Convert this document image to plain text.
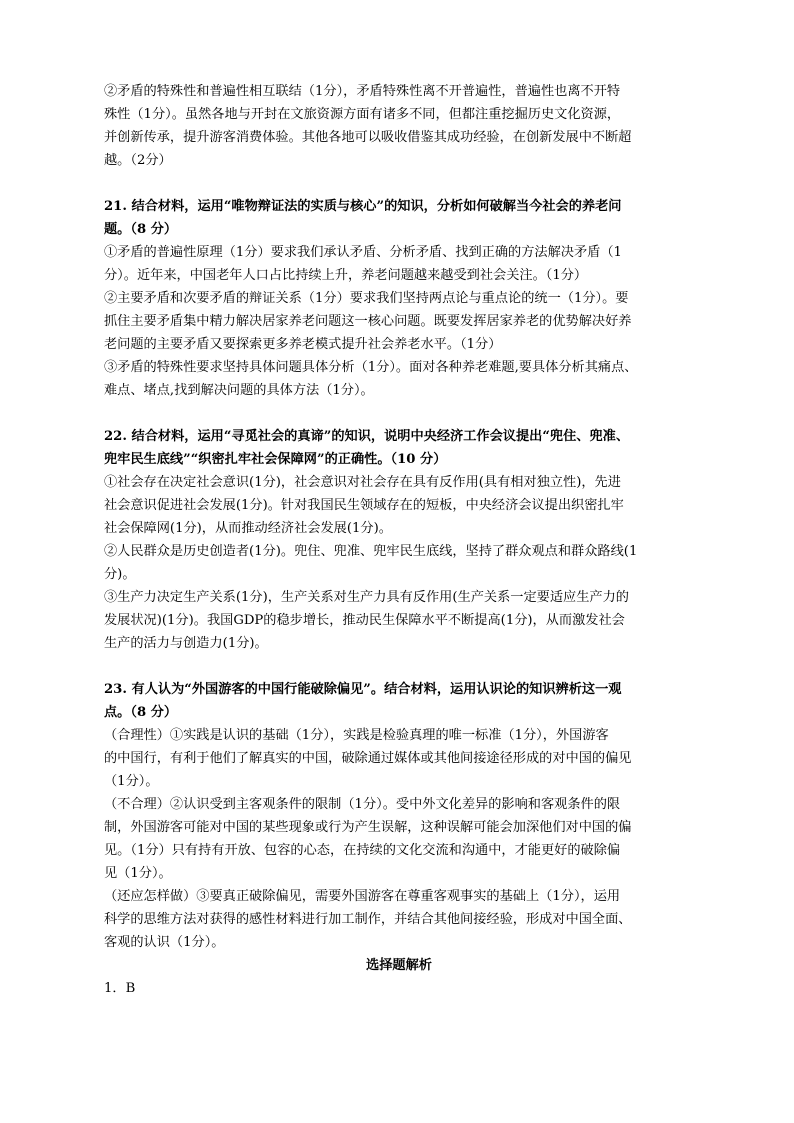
②矛盾的特殊性和普遍性相互联结（1分），矛盾特殊性离不开普遍性，普遍性也离不开特
殊性（1分）。虽然各地与开封在文旅资源方面有诸多不同，但都注重挖掘历史文化资源，
并创新传承，提升游客消费体验。其他各地可以吸收借鉴其成功经验，在创新发展中不断超
越。（2分）
21. 结合材料，运用“唯物辩证法的实质与核心”的知识，分析如何破解当今社会的养老问
题。（8 分）
①矛盾的普遍性原理（1分）要求我们承认矛盾、分析矛盾、找到正确的方法解决矛盾（1
分）。近年来，中国老年人口占比持续上升，养老问题越来越受到社会关注。（1分）
②主要矛盾和次要矛盾的辩证关系（1分）要求我们坚持两点论与重点论的统一（1分）。要
抓住主要矛盾集中精力解决居家养老问题这一核心问题。既要发挥居家养老的优势解决好养
老问题的主要矛盾又要探索更多养老模式提升社会养老水平。（1分）
③矛盾的特殊性要求坚持具体问题具体分析（1分）。面对各种养老难题,要具体分析其痛点、
难点、堵点,找到解决问题的具体方法（1分）。
22. 结合材料，运用“寻觅社会的真谛”的知识，说明中央经济工作会议提出“兜住、兜准、
兜牢民生底线”“织密扎牢社会保障网”的正确性。（10 分）
①社会存在决定社会意识(1分)，社会意识对社会存在具有反作用(具有相对独立性)，先进
社会意识促进社会发展(1分)。针对我国民生领域存在的短板，中央经济会议提出织密扎牢
社会保障网(1分)，从而推动经济社会发展(1分)。
②人民群众是历史创造者(1分)。兜住、兜准、兜牢民生底线，坚持了群众观点和群众路线(1
分)。
③生产力决定生产关系(1分)，生产关系对生产力具有反作用(生产关系一定要适应生产力的
发展状况)(1分)。我国GDP的稳步增长，推动民生保障水平不断提高(1分)，从而激发社会
生产的活力与创造力(1分)。
23. 有人认为“外国游客的中国行能破除偏见”。结合材料，运用认识论的知识辨析这一观
点。（8 分）
（合理性）①实践是认识的基础（1分），实践是检验真理的唯一标准（1分），外国游客
的中国行，有利于他们了解真实的中国，破除通过媒体或其他间接途径形成的对中国的偏见
（1分）。
（不合理）②认识受到主客观条件的限制（1分）。受中外文化差异的影响和客观条件的限
制，外国游客可能对中国的某些现象或行为产生误解，这种误解可能会加深他们对中国的偏
见。（1分）只有持有开放、包容的心态，在持续的文化交流和沟通中，才能更好的破除偏
见（1分）。
（还应怎样做）③要真正破除偏见，需要外国游客在尊重客观事实的基础上（1分），运用
科学的思维方法对获得的感性材料进行加工制作，并结合其他间接经验，形成对中国全面、
客观的认识（1分）。
选择题解析
1．B
